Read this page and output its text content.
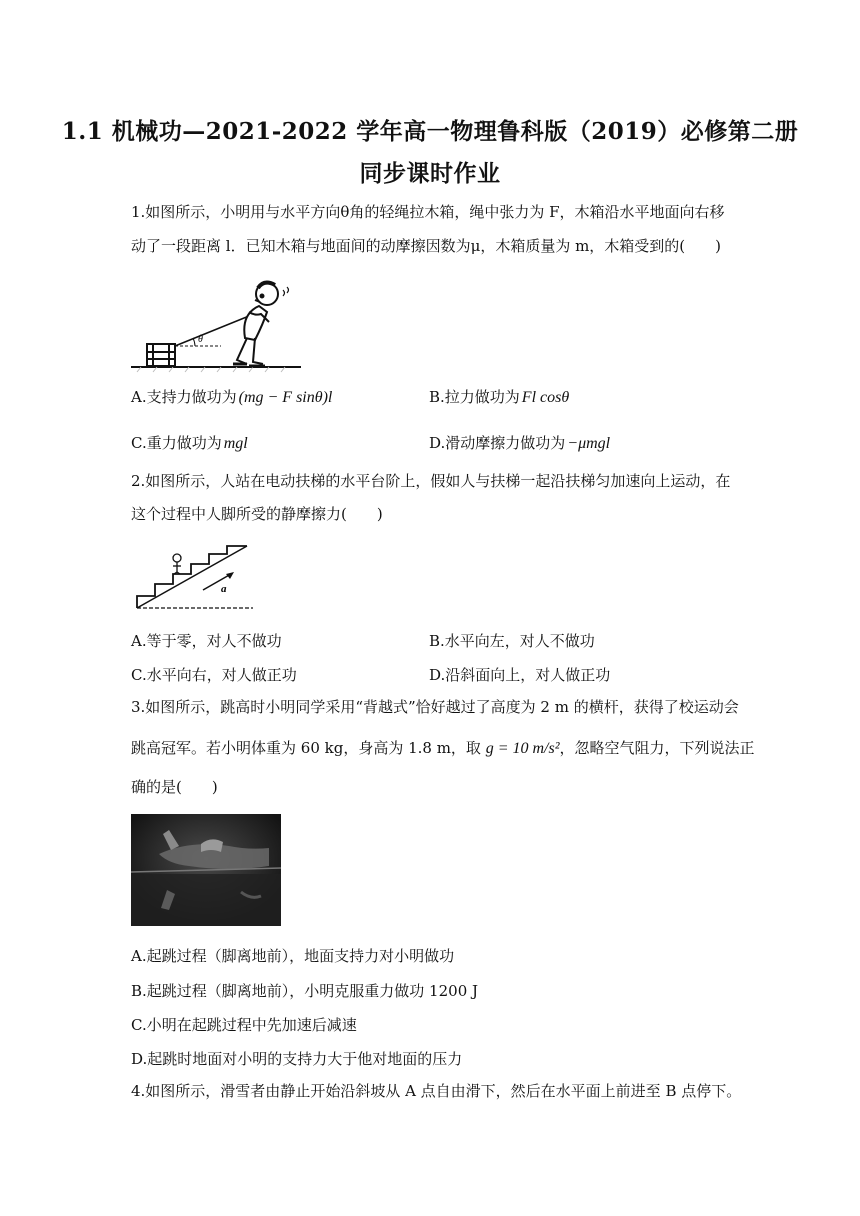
1.1 机械功—2021-2022 学年高一物理鲁科版（2019）必修第二册
同步课时作业
1.如图所示，小明用与水平方向θ角的轻绳拉木箱，绳中张力为 F，木箱沿水平地面向右移
动了一段距离 l．已知木箱与地面间的动摩擦因数为μ，木箱质量为 m，木箱受到的(　　)
θ
A.支持力做功为 (mg − F sinθ)l	B.拉力做功为 Fl cosθ
C.重力做功为 mgl	D.滑动摩擦力做功为 −μmgl
2.如图所示，人站在电动扶梯的水平台阶上，假如人与扶梯一起沿扶梯匀加速向上运动，在
这个过程中人脚所受的静摩擦力(　　)
a
A.等于零，对人不做功	B.水平向左，对人不做功
C.水平向右，对人做正功	D.沿斜面向上，对人做正功
3.如图所示，跳高时小明同学采用“背越式”恰好越过了高度为 2 m 的横杆，获得了校运动会
跳高冠军。若小明体重为 60 kg，身高为 1.8 m，取 g = 10 m/s²，忽略空气阻力，下列说法正
确的是(　　)
A.起跳过程（脚离地前），地面支持力对小明做功
B.起跳过程（脚离地前），小明克服重力做功 1200 J
C.小明在起跳过程中先加速后减速
D.起跳时地面对小明的支持力大于他对地面的压力
4.如图所示，滑雪者由静止开始沿斜坡从 A 点自由滑下，然后在水平面上前进至 B 点停下。
